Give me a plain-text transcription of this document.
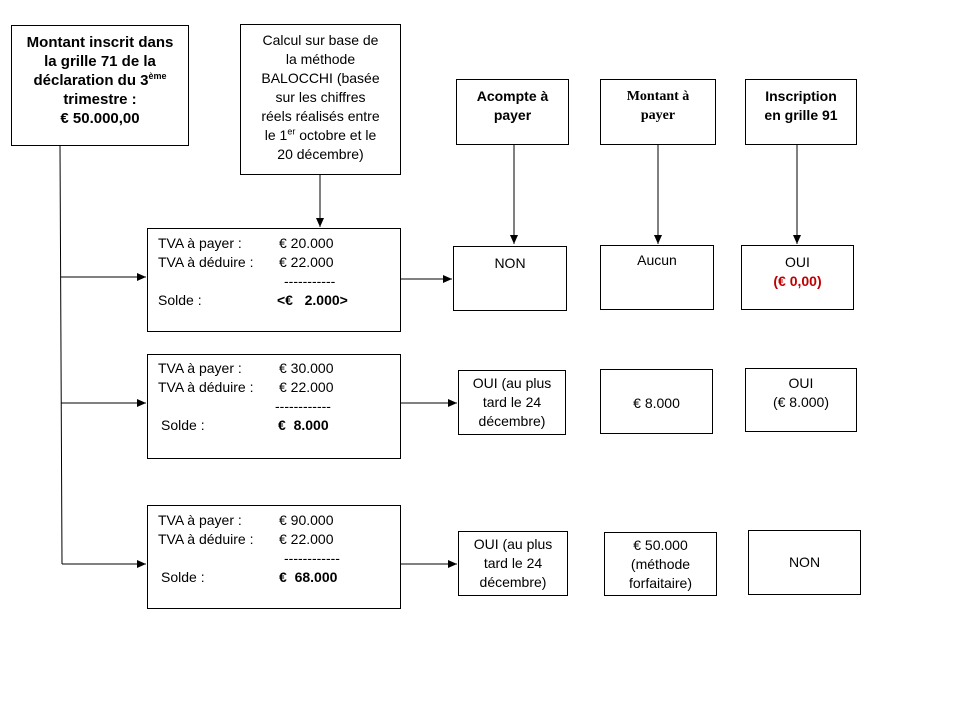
Montant inscrit dans
la grille 71 de la
déclaration du 3ème
trimestre :
€ 50.000,00
Calcul sur base de
la méthode
BALOCCHI (basée
sur les chiffres
réels réalisés entre
le 1er octobre et le
20 décembre)
Acompte à
payer
Montant à
payer
Inscription
en grille 91
TVA à payer :	€ 20.000
TVA à déduire : € 22.000
-----------
Solde :	<€   2.000>
NON	Aucun	OUI
(€ 0,00)
TVA à payer :	€ 30.000
TVA à déduire : € 22.000
------------
Solde :	€  8.000
OUI (au plus
tard le 24
décembre)
€ 8.000
OUI
(€ 8.000)
TVA à payer :	€ 90.000
TVA à déduire : € 22.000
------------
Solde :	€  68.000
OUI (au plus
tard le 24
décembre)
€ 50.000
(méthode
forfaitaire)
NON
